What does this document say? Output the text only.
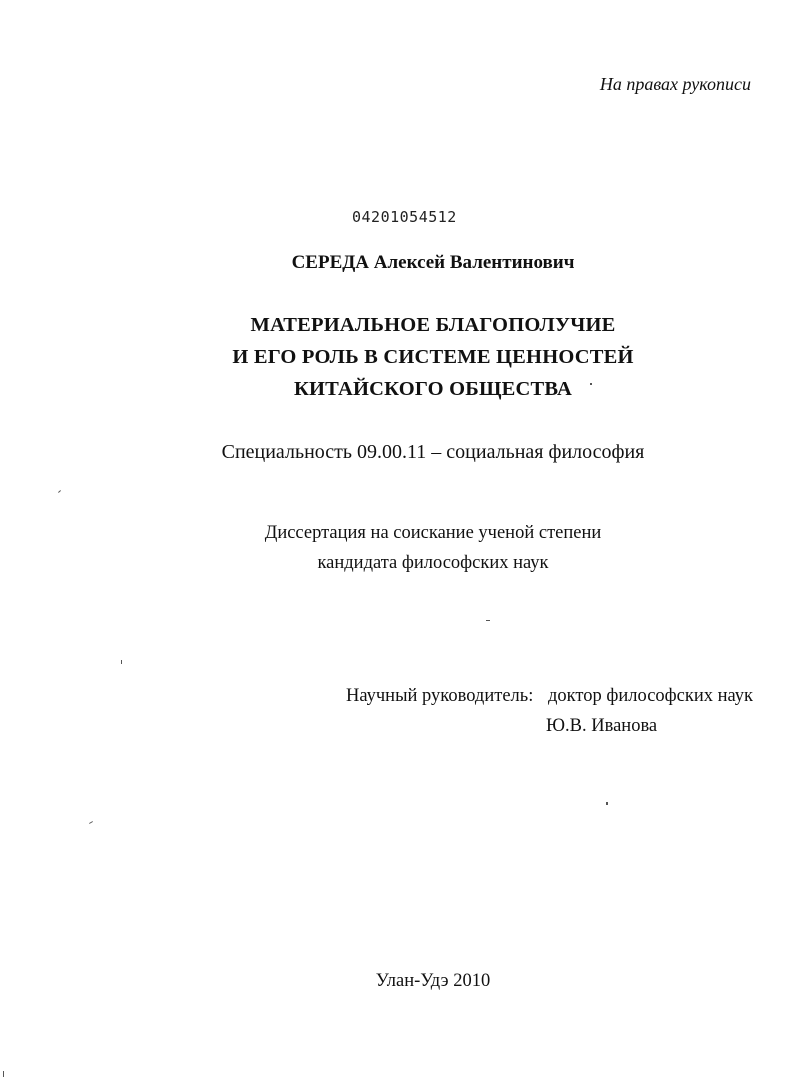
На правах рукописи
04201054512
СЕРЕДА Алексей Валентинович
МАТЕРИАЛЬНОЕ БЛАГОПОЛУЧИЕ
И ЕГО РОЛЬ В СИСТЕМЕ ЦЕННОСТЕЙ
КИТАЙСКОГО ОБЩЕСТВА
Специальность 09.00.11 – социальная философия
Диссертация на соискание ученой степени
кандидата философских наук
Научный руководитель: доктор философских наук
Ю.В. Иванова
Улан-Удэ 2010
